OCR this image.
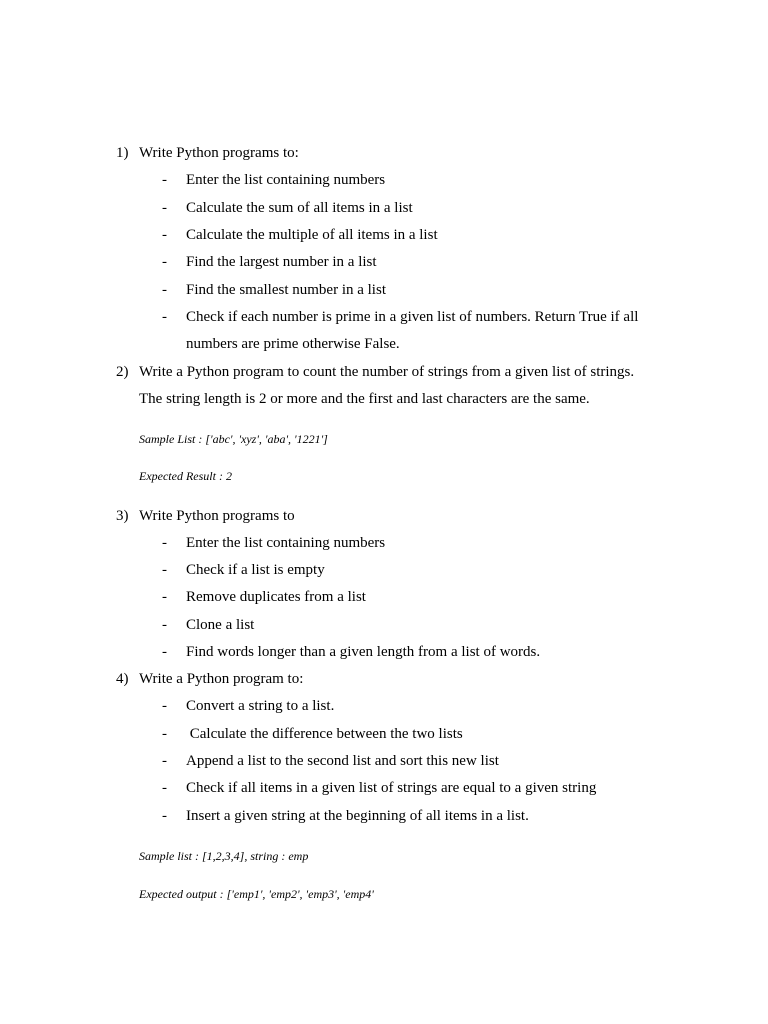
1) Write Python programs to:
- Enter the list containing numbers
- Calculate the sum of all items in a list
- Calculate the multiple of all items in a list
- Find the largest number in a list
- Find the smallest number in a list
- Check if each number is prime in a given list of numbers. Return True if all
numbers are prime otherwise False.
2) Write a Python program to count the number of strings from a given list of strings.
The string length is 2 or more and the first and last characters are the same.
Sample List : ['abc', 'xyz', 'aba', '1221']
Expected Result : 2
3) Write Python programs to
- Enter the list containing numbers
- Check if a list is empty
- Remove duplicates from a list
- Clone a list
- Find words longer than a given length from a list of words.
4) Write a Python program to:
- Convert a string to a list.
- Calculate the difference between the two lists
- Append a list to the second list and sort this new list
- Check if all items in a given list of strings are equal to a given string
- Insert a given string at the beginning of all items in a list.
Sample list : [1,2,3,4], string : emp
Expected output : ['emp1', 'emp2', 'emp3', 'emp4'
